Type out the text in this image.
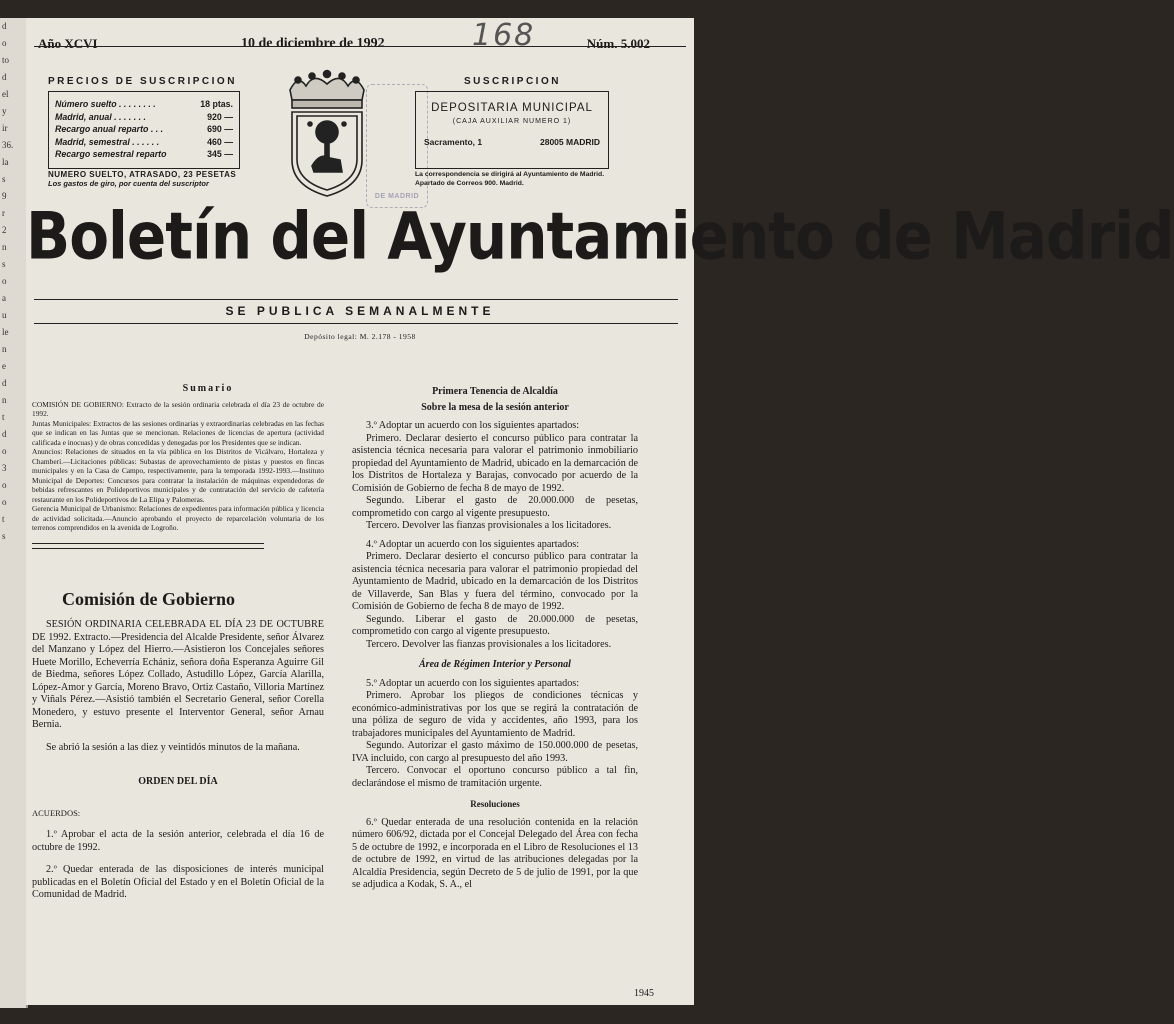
d
o
to
d
el
y
ir
36.
la
s
9
r
2
n
s
o
a
u
le
n
e
d
n
t
d
o
3
o
o
t
s
Año XCVI	10 de diciembre de 1992	Núm. 5.002
168
PRECIOS DE SUSCRIPCION
Número suelto . . . . . . . .	18 ptas.
Madrid, anual . . . . . . .	920 —
Recargo anual reparto . . .	690 —
Madrid, semestral . . . . . .	460 —
Recargo semestral reparto	345 —
NUMERO SUELTO, ATRASADO, 23 PESETAS
Los gastos de giro, por cuenta del suscriptor
DE MADRID
SUSCRIPCION
DEPOSITARIA MUNICIPAL
(CAJA AUXILIAR NUMERO 1)
Sacramento, 1	28005 MADRID
La correspondencia se dirigirá al Ayuntamiento de Madrid. Apartado de Correos 900. Madrid.
Boletín del Ayuntamiento de Madrid
SE PUBLICA SEMANALMENTE
Depósito legal: M. 2.178 - 1958
Sumario

COMISIÓN DE GOBIERNO: Extracto de la sesión ordinaria celebrada el día 23 de octubre de 1992.

Juntas Municipales: Extractos de las sesiones ordinarias y extraordinarias celebradas en las fechas que se indican en las Juntas que se mencionan. Relaciones de licencias de apertura (actividad calificada e inocuas) y de obras concedidas y denegadas por los Presidentes que se indican.

Anuncios: Relaciones de situados en la vía pública en los Distritos de Vicálvaro, Hortaleza y Chamberí.—Licitaciones públicas: Subastas de aprovechamiento de pistas y puestos en fincas municipales y en la Casa de Campo, respectivamente, para la temporada 1992-1993.—Instituto Municipal de Deportes: Concursos para contratar la instalación de máquinas expendedoras de bebidas refrescantes en Polideportivos municipales y de contratación del servicio de cafetería restaurante en los Polideportivos de La Elipa y Palomeras.

Gerencia Municipal de Urbanismo: Relaciones de expedientes para información pública y licencia de actividad solicitada.—Anuncio aprobando el proyecto de reparcelación voluntaria de los terrenos comprendidos en la avenida de Logroño.

Comisión de Gobierno

SESIÓN ORDINARIA CELEBRADA EL DÍA 23 DE OCTUBRE DE 1992. Extracto.—Presidencia del Alcalde Presidente, señor Álvarez del Manzano y López del Hierro.—Asistieron los Concejales señores Huete Morillo, Echeverría Echániz, señora doña Esperanza Aguirre Gil de Biedma, señores López Collado, Astudillo López, García Alarilla, López-Amor y García, Moreno Bravo, Ortiz Castaño, Villoria Martínez y Viñals Pérez.—Asistió también el Secretario General, señor Corella Monedero, y estuvo presente el Interventor General, señor Arnau Bernia.

Se abrió la sesión a las diez y veintidós minutos de la mañana.

ORDEN DEL DÍA

ACUERDOS:

1.º Aprobar el acta de la sesión anterior, celebrada el día 16 de octubre de 1992.

2.º Quedar enterada de las disposiciones de interés municipal publicadas en el Boletín Oficial del Estado y en el Boletín Oficial de la Comunidad de Madrid.

Primera Tenencia de Alcaldía
Sobre la mesa de la sesión anterior

3.º Adoptar un acuerdo con los siguientes apartados:

Primero. Declarar desierto el concurso público para contratar la asistencia técnica necesaria para valorar el patrimonio inmobiliario propiedad del Ayuntamiento de Madrid, ubicado en la demarcación de los Distritos de Hortaleza y Barajas, convocado por acuerdo de la Comisión de Gobierno de fecha 8 de mayo de 1992.

Segundo. Liberar el gasto de 20.000.000 de pesetas, comprometido con cargo al vigente presupuesto.

Tercero. Devolver las fianzas provisionales a los licitadores.

4.º Adoptar un acuerdo con los siguientes apartados:

Primero. Declarar desierto el concurso público para contratar la asistencia técnica necesaria para valorar el patrimonio propiedad del Ayuntamiento de Madrid, ubicado en la demarcación de los Distritos de Villaverde, San Blas y fuera del término, convocado por la Comisión de Gobierno de fecha 8 de mayo de 1992.

Segundo. Liberar el gasto de 20.000.000 de pesetas, comprometido con cargo al vigente presupuesto.

Tercero. Devolver las fianzas provisionales a los licitadores.

Área de Régimen Interior y Personal

5.º Adoptar un acuerdo con los siguientes apartados:

Primero. Aprobar los pliegos de condiciones técnicas y económico-administrativas por los que se regirá la contratación de una póliza de seguro de vida y accidentes, año 1993, para los trabajadores municipales del Ayuntamiento de Madrid.

Segundo. Autorizar el gasto máximo de 150.000.000 de pesetas, IVA incluido, con cargo al presupuesto del año 1993.

Tercero. Convocar el oportuno concurso público a tal fin, declarándose el mismo de tramitación urgente.

Resoluciones

6.º Quedar enterada de una resolución contenida en la relación número 606/92, dictada por el Concejal Delegado del Área con fecha 5 de octubre de 1992, e incorporada en el Libro de Resoluciones el 13 de octubre de 1992, en virtud de las atribuciones delegadas por la Alcaldía Presidencia, según Decreto de 5 de julio de 1991, por la que se adjudica a Kodak, S. A., el

1945
